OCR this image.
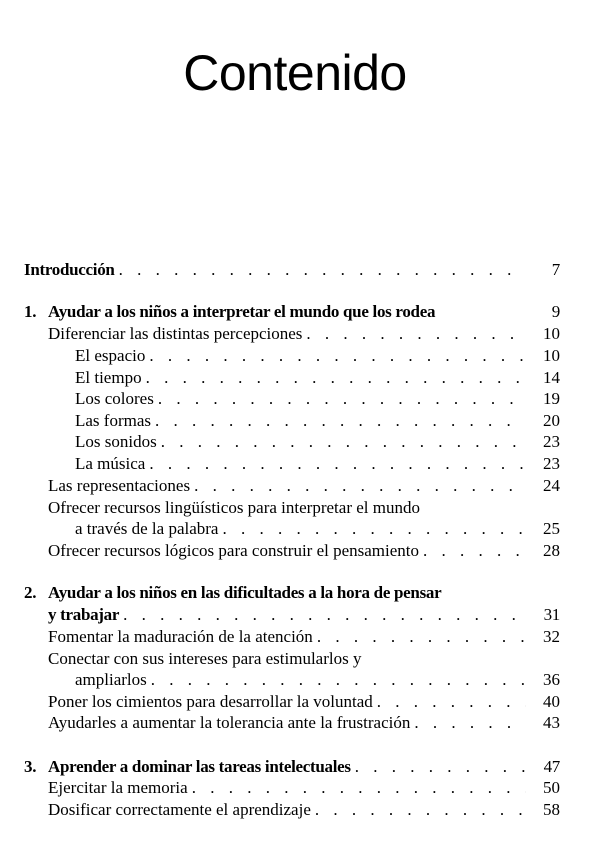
Contenido
Introducción . . .	7
1. Ayudar a los niños a interpretar el mundo que los rodea	9
Diferenciar las distintas percepciones . . .	10
El espacio . . .	10
El tiempo . . .	14
Los colores . . .	19
Las formas . . .	20
Los sonidos . . .	23
La música . . .	23
Las representaciones . . .	24
Ofrecer recursos lingüísticos para interpretar el mundo
a través de la palabra . . .	25
Ofrecer recursos lógicos para construir el pensamiento . . .	28
2. Ayudar a los niños en las dificultades a la hora de pensar
y trabajar . . .	31
Fomentar la maduración de la atención . . .	32
Conectar con sus intereses para estimularlos y
ampliarlos . . .	36
Poner los cimientos para desarrollar la voluntad . . .	40
Ayudarles a aumentar la tolerancia ante la frustración . . .	43
3. Aprender a dominar las tareas intelectuales . . .	47
Ejercitar la memoria . . .	50
Dosificar correctamente el aprendizaje . . .	58
